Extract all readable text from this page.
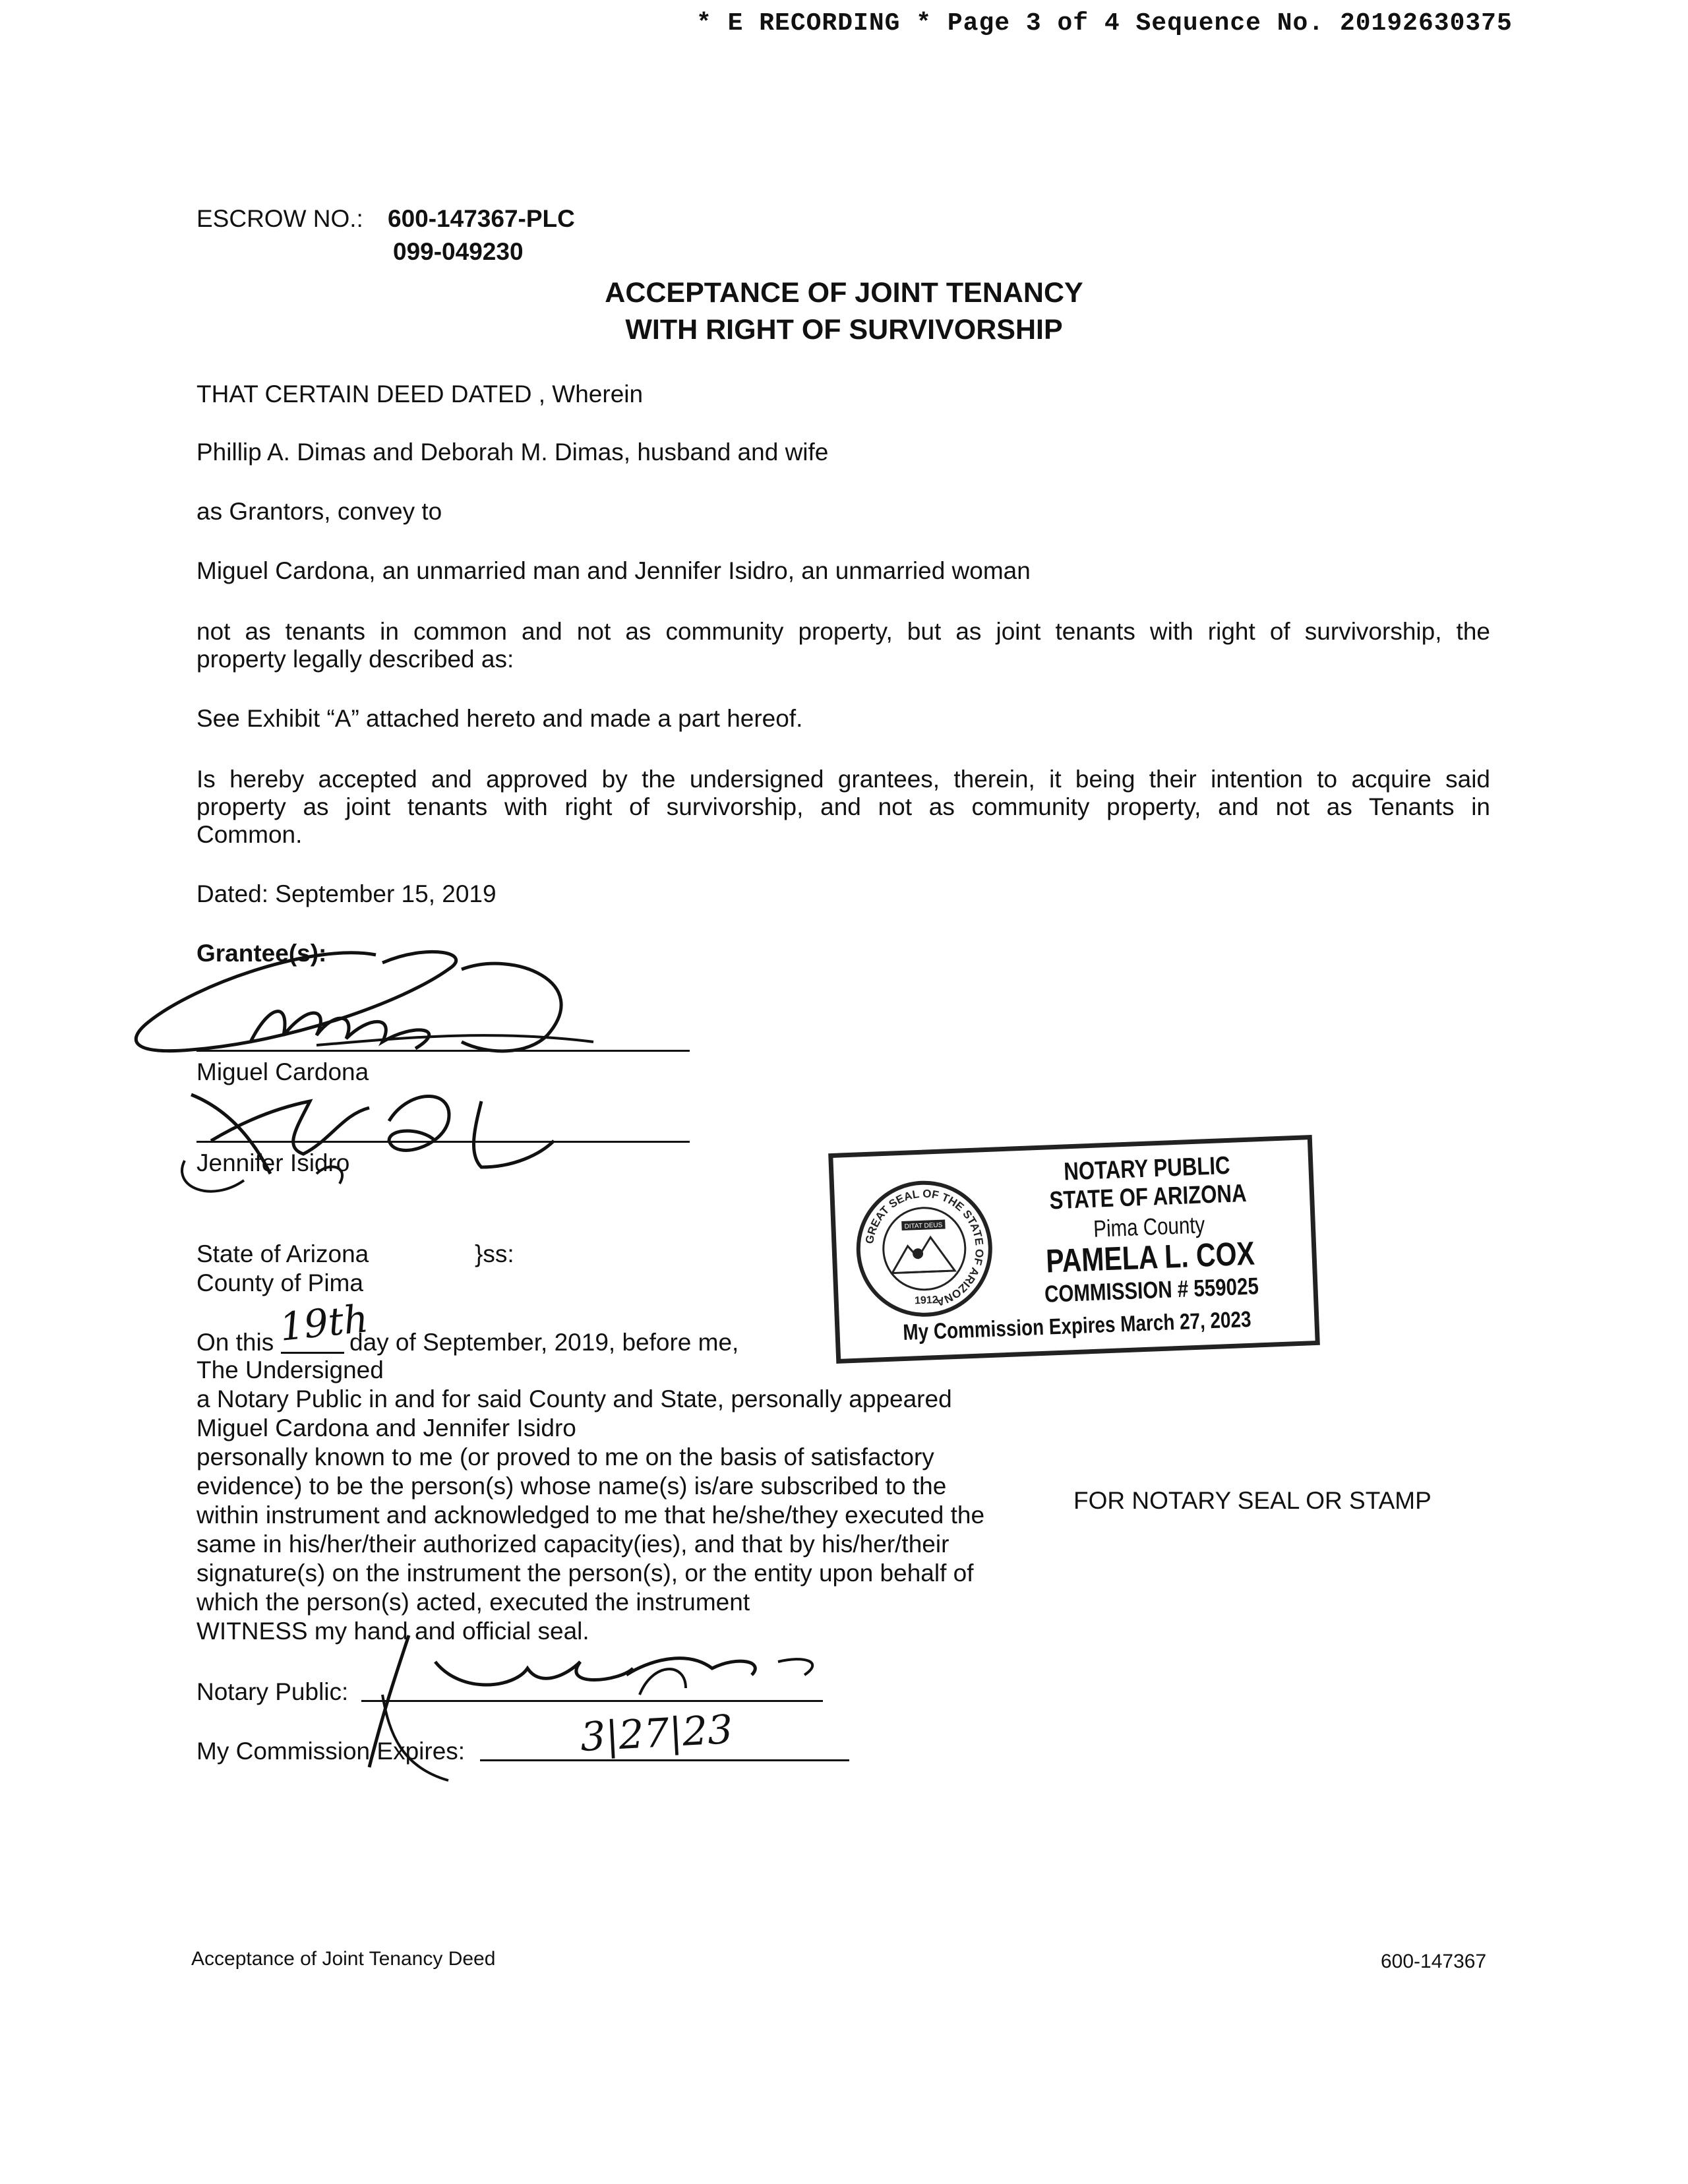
* E RECORDING * Page 3 of 4 Sequence No. 20192630375
ESCROW NO.: 600-147367-PLC
099-049230
ACCEPTANCE OF JOINT TENANCY
WITH RIGHT OF SURVIVORSHIP
THAT CERTAIN DEED DATED , Wherein
Phillip A. Dimas and Deborah M. Dimas, husband and wife
as Grantors, convey to
Miguel Cardona, an unmarried man and Jennifer Isidro, an unmarried woman
not as tenants in common and not as community property, but as joint tenants with right of survivorship, the
property legally described as:
See Exhibit “A” attached hereto and made a part hereof.
Is hereby accepted and approved by the undersigned grantees, therein, it being their intention to acquire said
property as joint tenants with right of survivorship, and not as community property, and not as Tenants in
Common.
Dated: September 15, 2019
Grantee(s):
Miguel Cardona
Jennifer Isidro
GREAT SEAL OF THE STATE OF ARIZONA
DITAT DEUS
1912
NOTARY PUBLIC
STATE OF ARIZONA
Pima County
PAMELA L. COX
COMMISSION # 559025
My Commission Expires March 27, 2023
State of Arizona	}ss:
County of Pima
On this 19th
day of September, 2019, before me,
The Undersigned
a Notary Public in and for said County and State, personally appeared
Miguel Cardona and Jennifer Isidro
personally known to me (or proved to me on the basis of satisfactory
evidence) to be the person(s) whose name(s) is/are subscribed to the
within instrument and acknowledged to me that he/she/they executed the
same in his/her/their authorized capacity(ies), and that by his/her/their
signature(s) on the instrument the person(s), or the entity upon behalf of
which the person(s) acted, executed the instrument
WITNESS my hand and official seal.
FOR NOTARY SEAL OR STAMP
Notary Public:
My Commission Expires:	3|27|23
Acceptance of Joint Tenancy Deed	600-147367
